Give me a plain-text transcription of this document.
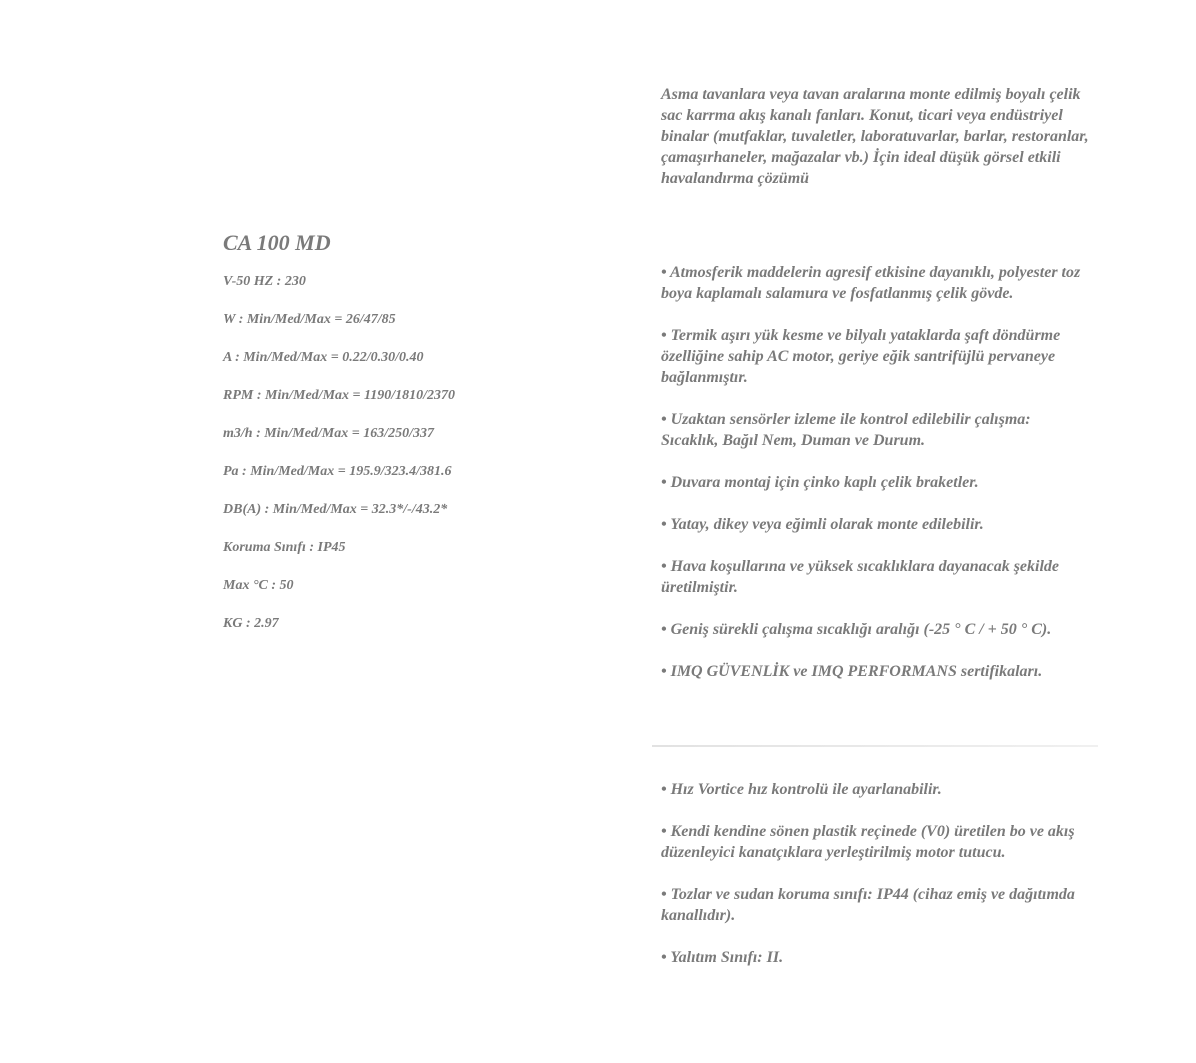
CA 100 MD

V-50 HZ : 230

W : Min/Med/Max = 26/47/85

A : Min/Med/Max = 0.22/0.30/0.40

RPM : Min/Med/Max = 1190/1810/2370

m3/h : Min/Med/Max = 163/250/337

Pa : Min/Med/Max = 195.9/323.4/381.6

DB(A) : Min/Med/Max = 32.3*/-/43.2*

Koruma Sınıfı : IP45

Max °C : 50

KG : 2.97

Asma tavanlara veya tavan aralarına monte edilmiş boyalı çelik sac karrma akış kanalı fanları. Konut, ticari veya endüstriyel binalar (mutfaklar, tuvaletler, laboratuvarlar, barlar, restoranlar, çamaşırhaneler, mağazalar vb.) İçin ideal düşük görsel etkili havalandırma çözümü

• Atmosferik maddelerin agresif etkisine dayanıklı, polyester toz boya kaplamalı salamura ve fosfatlanmış çelik gövde.

• Termik aşırı yük kesme ve bilyalı yataklarda şaft döndürme özelliğine sahip AC motor, geriye eğik santrifüjlü pervaneye bağlanmıştır.

• Uzaktan sensörler izleme ile kontrol edilebilir çalışma: Sıcaklık, Bağıl Nem, Duman ve Durum.

• Duvara montaj için çinko kaplı çelik braketler.

• Yatay, dikey veya eğimli olarak monte edilebilir.

• Hava koşullarına ve yüksek sıcaklıklara dayanacak şekilde üretilmiştir.

• Geniş sürekli çalışma sıcaklığı aralığı (-25 ° C / + 50 ° C).

• IMQ GÜVENLİK ve IMQ PERFORMANS sertifikaları.

• Hız Vortice hız kontrolü ile ayarlanabilir.

• Kendi kendine sönen plastik reçinede (V0) üretilen bo ve akış düzenleyici kanatçıklara yerleştirilmiş motor tutucu.

• Tozlar ve sudan koruma sınıfı: IP44 (cihaz emiş ve dağıtımda kanallıdır).

• Yalıtım Sınıfı: II.
